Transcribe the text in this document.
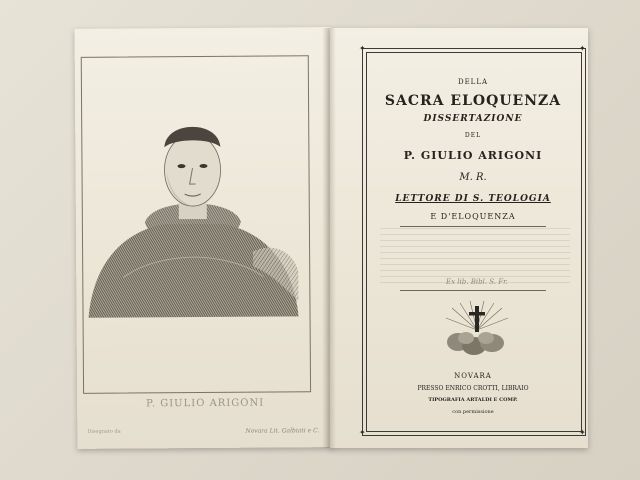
P. GIULIO ARIGONI
Disegnato da	Novara Lit. Galbiati e C.
✦	✦
✦	✦
DELLA
SACRA ELOQUENZA
DISSERTAZIONE
DEL
P. GIULIO ARIGONI
M. R.
LETTORE DI S. TEOLOGIA
E D'ELOQUENZA
Ex lib. Bibl. S. Fr.
NOVARA
PRESSO ENRICO CROTTI, LIBRAIO
TIPOGRAFIA ARTALDI E COMP.
con permissione
